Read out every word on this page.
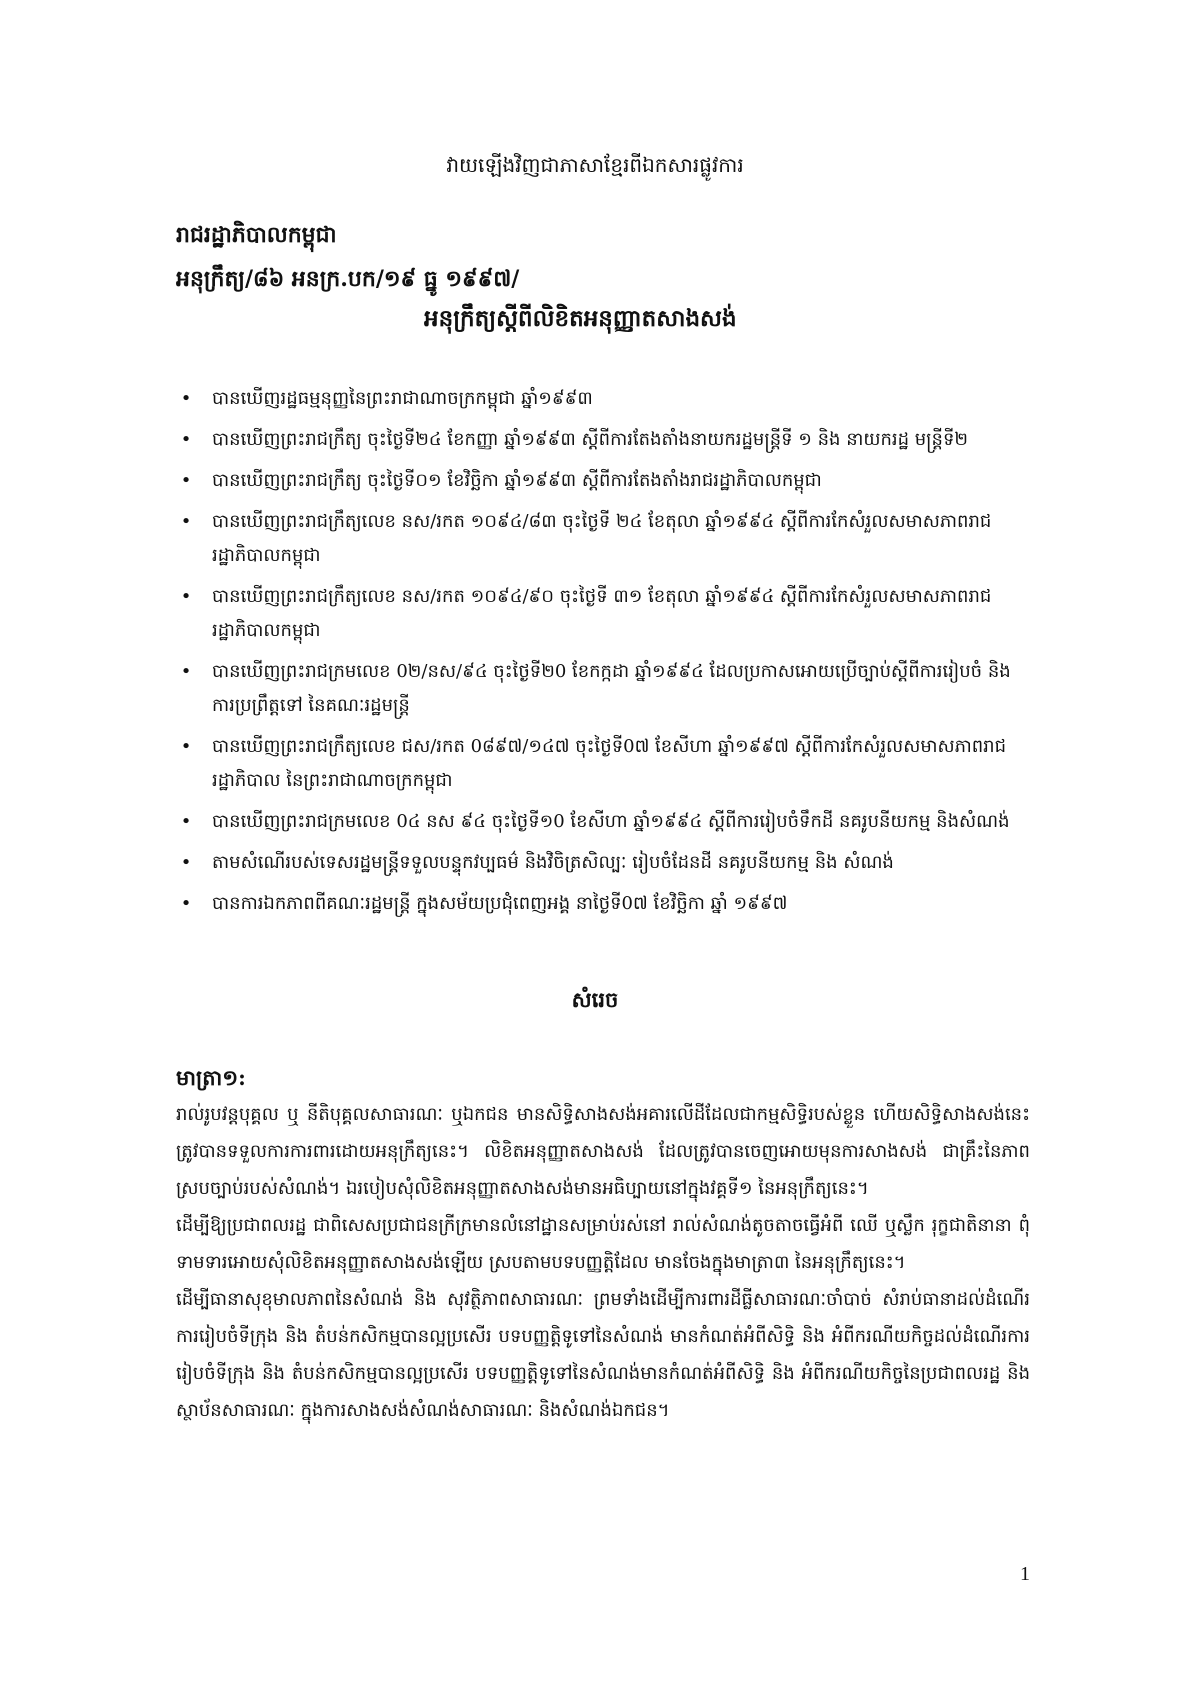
វាយឡើងវិញជាភាសាខ្មែរពីឯកសារផ្លូវការ

រាជរដ្ឋាភិបាលកម្ពុជា

អនុក្រឹត្យ/៨៦ អនក្រ.បក/១៩ ធ្នូ ១៩៩៧/

អនុក្រឹត្យស្តីពីលិខិតអនុញ្ញាតសាងសង់

• បានឃើញរដ្ឋធម្មនុញ្ញនៃព្រះរាជាណាចក្រកម្ពុជា ឆ្នាំ១៩៩៣
• បានឃើញព្រះរាជក្រឹត្យ ចុះថ្ងៃទី២៤ ខែកញ្ញា ឆ្នាំ១៩៩៣ ស្តីពីការតែងតាំងនាយករដ្ឋមន្ត្រីទី ១ និង នាយករដ្ឋ មន្ត្រីទី២
• បានឃើញព្រះរាជក្រឹត្យ ចុះថ្ងៃទី០១ ខែវិច្ឆិកា ឆ្នាំ១៩៩៣ ស្តីពីការតែងតាំងរាជរដ្ឋាភិបាលកម្ពុជា
• បានឃើញព្រះរាជក្រឹត្យលេខ នស/រកត ១០៩៤/៨៣ ចុះថ្ងៃទី ២៤ ខែតុលា ឆ្នាំ១៩៩៤ ស្តីពីការកែសំរួលសមាសភាពរាជរដ្ឋាភិបាលកម្ពុជា
• បានឃើញព្រះរាជក្រឹត្យលេខ នស/រកត ១០៩៤/៩០ ចុះថ្ងៃទី ៣១ ខែតុលា ឆ្នាំ១៩៩៤ ស្តីពីការកែសំរួលសមាសភាពរាជរដ្ឋាភិបាលកម្ពុជា
• បានឃើញព្រះរាជក្រមលេខ 0២/នស/៩៤ ចុះថ្ងៃទី២0 ខែកក្កដា ឆ្នាំ១៩៩៤ ដែលប្រកាសអោយប្រើច្បាប់ស្តីពីការរៀបចំ និងការប្រព្រឹត្តទៅ នៃគណៈរដ្ឋមន្ត្រី
• បានឃើញព្រះរាជក្រឹត្យលេខ ជស/រកត 0៨៩៧/១៤៧ ចុះថ្ងៃទី0៧ ខែសីហា ឆ្នាំ១៩៩៧ ស្តីពីការកែសំរួលសមាសភាពរាជរដ្ឋាភិបាល នៃព្រះរាជាណាចក្រកម្ពុជា
• បានឃើញព្រះរាជក្រមលេខ 0៤ នស ៩៤ ចុះថ្ងៃទី១0 ខែសីហា ឆ្នាំ១៩៩៤ ស្តីពីការរៀបចំទឹកដី នគរូបនីយកម្ម និងសំណង់
• តាមសំណើរបស់ទេសរដ្ឋមន្ត្រីទទួលបន្ទុកវប្បធម៌ និងវិចិត្រសិល្បៈ រៀបចំដែនដី នគរូបនីយកម្ម និង សំណង់
• បានការឯកភាពពីគណៈរដ្ឋមន្ត្រី ក្នុងសម័យប្រជុំពេញអង្គ នាថ្ងៃទី0៧ ខែវិច្ឆិកា ឆ្នាំ ១៩៩៧
សំរេច
មាត្រា១:

រាល់រូបវន្តបុគ្គល ឬ នីតិបុគ្គលសាធារណៈ ឬឯកជន មានសិទ្ធិសាងសង់អគារលើដីដែលជាកម្មសិទ្ធិរបស់ខ្លួន ហើយសិទ្ធិសាងសង់នេះត្រូវបានទទួលការការពារដោយអនុក្រឹត្យនេះ។ លិខិតអនុញ្ញាតសាងសង់ ដែលត្រូវបានចេញអោយមុនការសាងសង់ ជាគ្រឹះនៃភាពស្របច្បាប់របស់សំណង់។ ឯរបៀបសុំលិខិតអនុញ្ញាតសាងសង់មានអធិប្បាយនៅក្នុងវគ្គទី១ នៃអនុក្រឹត្យនេះ។

ដើម្បីឱ្យប្រជាពលរដ្ឋ ជាពិសេសប្រជាជនក្រីក្រមានលំនៅដ្ឋានសម្រាប់រស់នៅ រាល់សំណង់តូចតាចធ្វើអំពី ឈើ ឬស្លឹក រុក្ខជាតិនានា ពុំទាមទារអោយសុំលិខិតអនុញ្ញាតសាងសង់ឡើយ ស្របតាមបទបញ្ញត្តិដែល មានចែងក្នុងមាត្រា៣ នៃអនុក្រឹត្យនេះ។

ដើម្បីធានាសុខុមាលភាពនៃសំណង់ និង សុវត្ថិភាពសាធារណៈ ព្រមទាំងដើម្បីការពារដីធ្លីសាធារណៈចាំបាច់ សំរាប់ធានាដល់ដំណើរការរៀបចំទីក្រុង និង តំបន់កសិកម្មបានល្អប្រសើរ បទបញ្ញត្តិទូទៅនៃសំណង់ មានកំណត់អំពីសិទ្ធិ និង អំពីករណីយកិច្ចដល់ដំណើរការរៀបចំទីក្រុង និង តំបន់កសិកម្មបានល្អប្រសើរ បទបញ្ញត្តិទូទៅនៃសំណង់មានកំណត់អំពីសិទ្ធិ និង អំពីករណីយកិច្ចនៃប្រជាពលរដ្ឋ និង ស្ថាប័នសាធារណៈ ក្នុងការសាងសង់សំណង់សាធារណៈ និងសំណង់ឯកជន។

1
